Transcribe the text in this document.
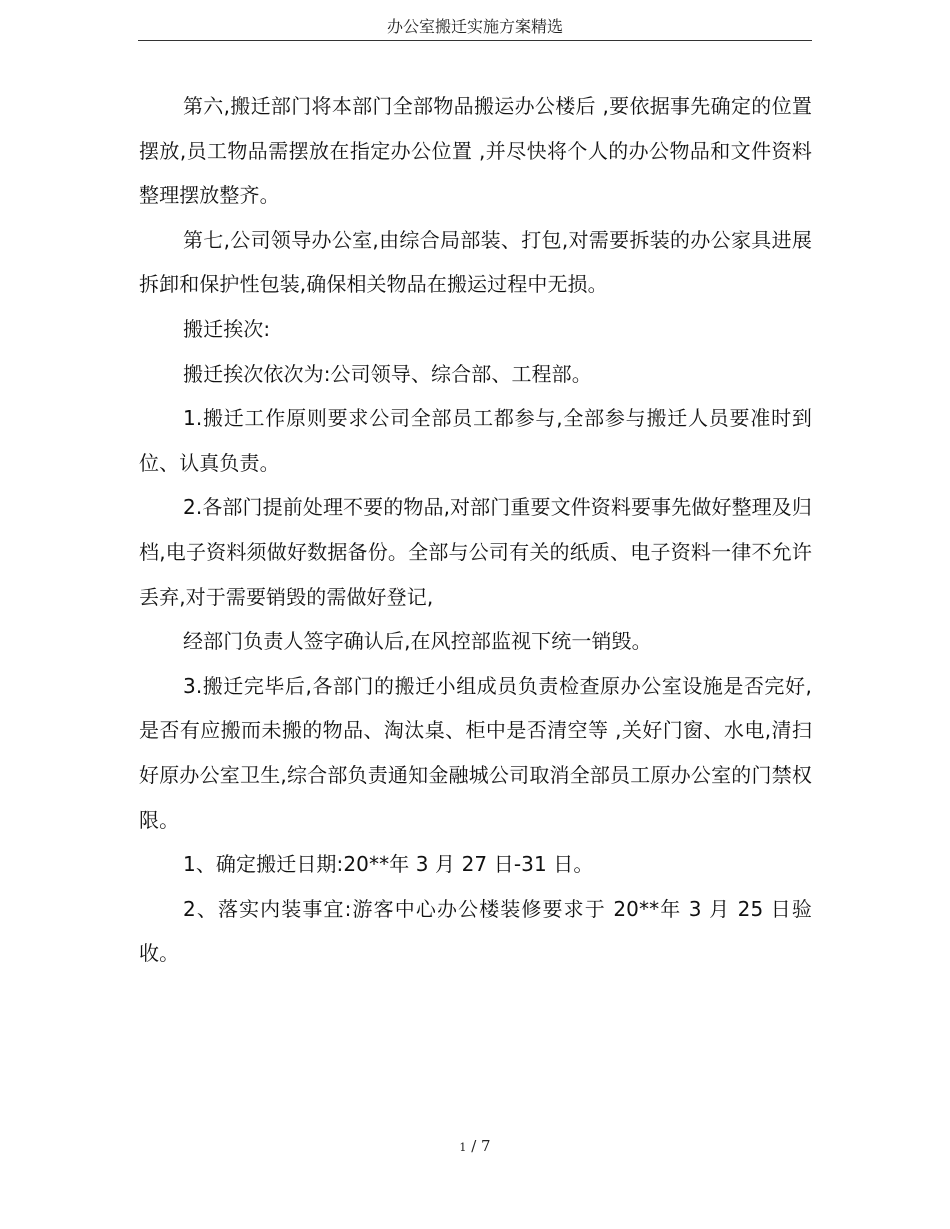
办公室搬迁实施方案精选

第六,搬迁部门将本部门全部物品搬运办公楼后 ,要依据事先确定的位置摆放,员工物品需摆放在指定办公位置 ,并尽快将个人的办公物品和文件资料整理摆放整齐。

第七,公司领导办公室,由综合局部装、打包,对需要拆装的办公家具进展拆卸和保护性包装,确保相关物品在搬运过程中无损。

搬迁挨次:

搬迁挨次依次为:公司领导、综合部、工程部。

1.搬迁工作原则要求公司全部员工都参与,全部参与搬迁人员要准时到位、认真负责。

2.各部门提前处理不要的物品,对部门重要文件资料要事先做好整理及归档,电子资料须做好数据备份。全部与公司有关的纸质、电子资料一律不允许丢弃,对于需要销毁的需做好登记,

经部门负责人签字确认后,在风控部监视下统一销毁。

3.搬迁完毕后,各部门的搬迁小组成员负责检查原办公室设施是否完好,是否有应搬而未搬的物品、淘汰桌、柜中是否清空等 ,关好门窗、水电,清扫好原办公室卫生,综合部负责通知金融城公司取消全部员工原办公室的门禁权限。

1、确定搬迁日期:20**年 3 月 27 日-31 日。

2、落实内装事宜:游客中心办公楼装修要求于 20**年 3 月 25 日验收。

1 / 7
